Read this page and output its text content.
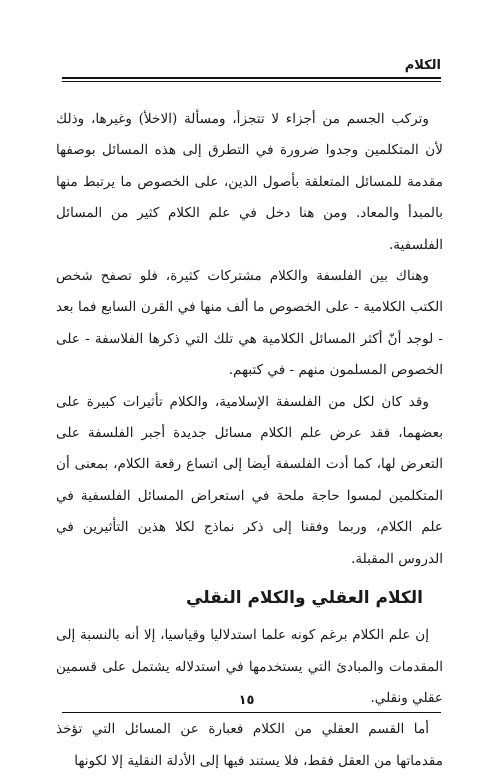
الكلام

وتركب الجسم من أجزاء لا تتجزأ، ومسألة (الاخلأ) وغيرها، وذلك لأن المتكلمين وجدوا ضرورة في التطرق إلى هذه المسائل بوصفها مقدمة للمسائل المتعلقة بأصول الدين، على الخصوص ما يرتبط منها بالمبدأ والمعاد. ومن هنا دخل في علم الكلام كثير من المسائل الفلسفية.

وهناك بين الفلسفة والكلام مشتركات كثيرة، فلو تصفح شخص الكتب الكلامية - على الخصوص ما ألف منها في القرن السابع فما بعد - لوجد أنّ أكثر المسائل الكلامية هي تلك التي ذكرها الفلاسفة - على الخصوص المسلمون منهم - في كتبهم.

وقد كان لكل من الفلسفة الإسلامية، والكلام تأثيرات كبيرة على بعضهما، فقد عرض علم الكلام مسائل جديدة أجبر الفلسفة على التعرض لها، كما أدت الفلسفة أيضا إلى اتساع رقعة الكلام، بمعنى أن المتكلمين لمسوا حاجة ملحة في استعراض المسائل الفلسفية في علم الكلام، وربما وفقنا إلى ذكر نماذج لكلا هذين التأثيرين في الدروس المقبلة.

الكلام العقلي والكلام النقلي

إن علم الكلام برغم كونه علما استدلاليا وقياسيا، إلا أنه بالنسبة إلى المقدمات والمبادئ التي يستخدمها في استدلاله يشتمل على قسمين عقلي ونقلي.

أما القسم العقلي من الكلام فعبارة عن المسائل التي تؤخذ مقدماتها من العقل فقط، فلا يستند فيها إلى الأدلة النقلية إلا لكونها

١٥
